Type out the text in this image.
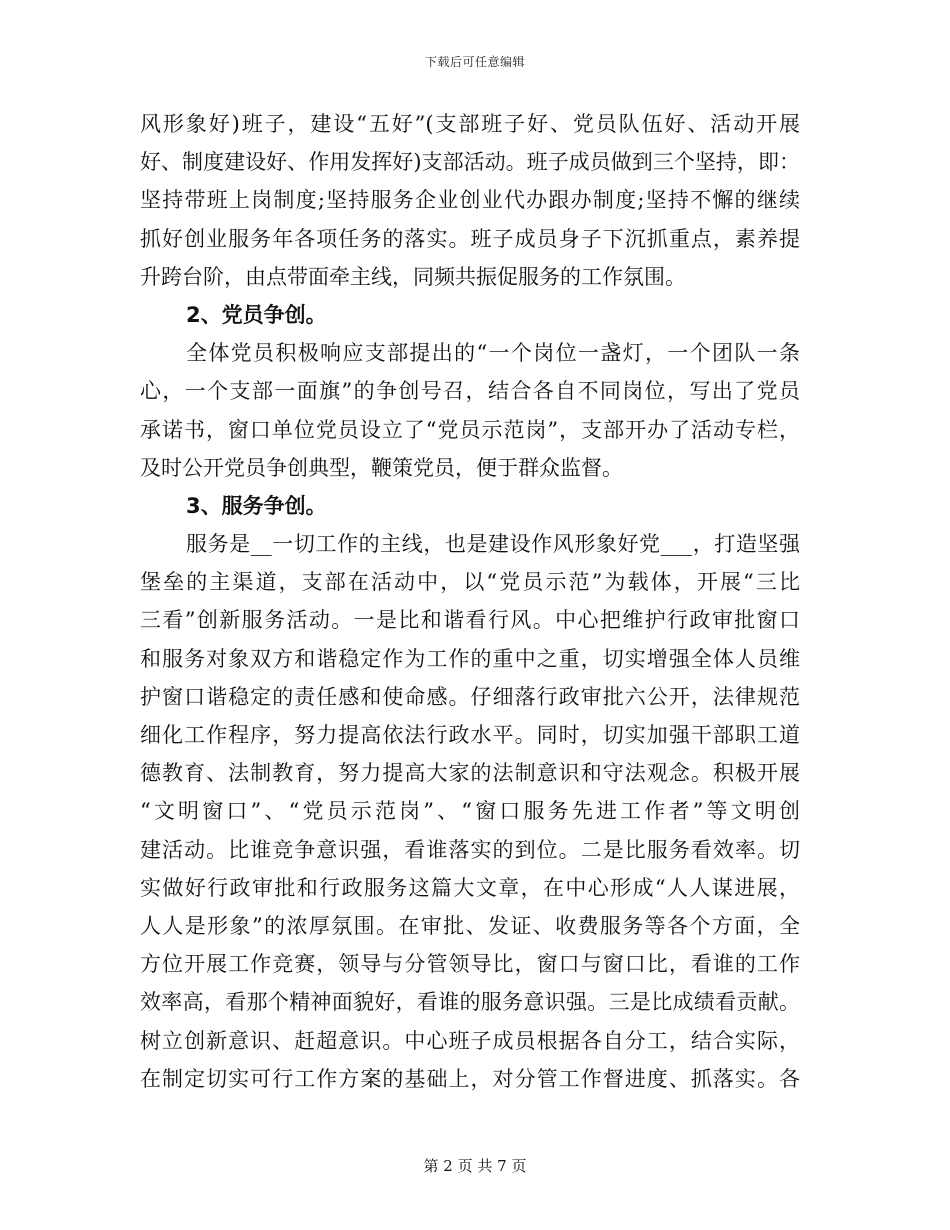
下载后可任意编辑
风形象好)班子，建设“五好”(支部班子好、党员队伍好、活动开展
好、制度建设好、作用发挥好)支部活动。班子成员做到三个坚持，即：
坚持带班上岗制度;坚持服务企业创业代办跟办制度;坚持不懈的继续
抓好创业服务年各项任务的落实。班子成员身子下沉抓重点，素养提
升跨台阶，由点带面牵主线，同频共振促服务的工作氛围。
2、党员争创。
全体党员积极响应支部提出的“一个岗位一盏灯，一个团队一条
心，一个支部一面旗”的争创号召，结合各自不同岗位，写出了党员
承诺书，窗口单位党员设立了“党员示范岗”，支部开办了活动专栏，
及时公开党员争创典型，鞭策党员，便于群众监督。
3、服务争创。
服务是__一切工作的主线，也是建设作风形象好党___，打造坚强
堡垒的主渠道，支部在活动中，以“党员示范”为载体，开展“三比
三看”创新服务活动。一是比和谐看行风。中心把维护行政审批窗口
和服务对象双方和谐稳定作为工作的重中之重，切实增强全体人员维
护窗口谐稳定的责任感和使命感。仔细落行政审批六公开，法律规范
细化工作程序，努力提高依法行政水平。同时，切实加强干部职工道
德教育、法制教育，努力提高大家的法制意识和守法观念。积极开展
“文明窗口”、“党员示范岗”、“窗口服务先进工作者”等文明创
建活动。比谁竞争意识强，看谁落实的到位。二是比服务看效率。切
实做好行政审批和行政服务这篇大文章，在中心形成“人人谋进展，
人人是形象”的浓厚氛围。在审批、发证、收费服务等各个方面，全
方位开展工作竞赛，领导与分管领导比，窗口与窗口比，看谁的工作
效率高，看那个精神面貌好，看谁的服务意识强。三是比成绩看贡献。
树立创新意识、赶超意识。中心班子成员根据各自分工，结合实际，
在制定切实可行工作方案的基础上，对分管工作督进度、抓落实。各
第 2 页 共 7 页
